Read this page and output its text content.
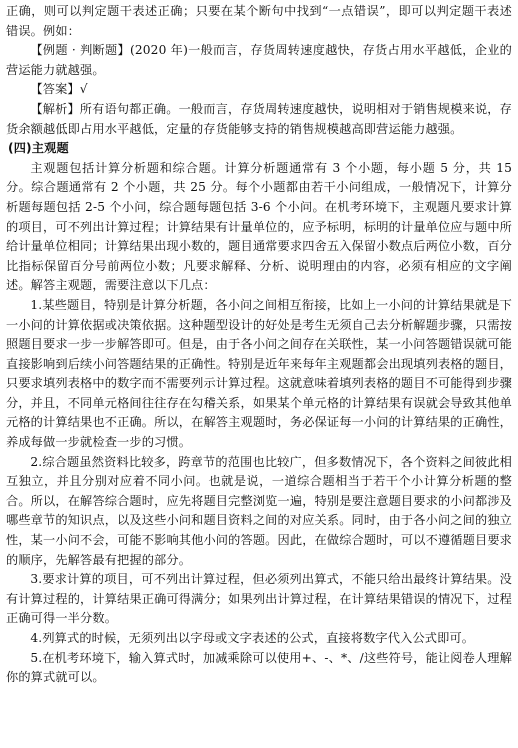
正确，则可以判定题干表述正确；只要在某个断句中找到“一点错误”，即可以判定题干表述错误。例如：

【例题 · 判断题】(2020 年)一般而言，存货周转速度越快，存货占用水平越低，企业的营运能力就越强。

【答案】√

【解析】所有语句都正确。一般而言，存货周转速度越快，说明相对于销售规模来说，存货余额越低即占用水平越低，定量的存货能够支持的销售规模越高即营运能力越强。

(四)主观题

主观题包括计算分析题和综合题。计算分析题通常有 3 个小题，每小题 5 分，共 15 分。综合题通常有 2 个小题，共 25 分。每个小题都由若干小问组成，一般情况下，计算分析题每题包括 2-5 个小问，综合题每题包括 3-6 个小问。在机考环境下，主观题凡要求计算的项目，可不列出计算过程；计算结果有计量单位的，应予标明，标明的计量单位应与题中所给计量单位相同；计算结果出现小数的，题目通常要求四舍五入保留小数点后两位小数，百分比指标保留百分号前两位小数；凡要求解释、分析、说明理由的内容，必须有相应的文字阐述。解答主观题，需要注意以下几点：

1.某些题目，特别是计算分析题，各小问之间相互衔接，比如上一小问的计算结果就是下一小问的计算依据或决策依据。这种题型设计的好处是考生无须自己去分析解题步骤，只需按照题目要求一步一步解答即可。但是，由于各小问之间存在关联性，某一小问答题错误就可能直接影响到后续小问答题结果的正确性。特别是近年来每年主观题都会出现填列表格的题目，只要求填列表格中的数字而不需要列示计算过程。这就意味着填列表格的题目不可能得到步骤分，并且，不同单元格间往往存在勾稽关系，如果某个单元格的计算结果有误就会导致其他单元格的计算结果也不正确。所以，在解答主观题时，务必保证每一小问的计算结果的正确性，养成每做一步就检查一步的习惯。

2.综合题虽然资料比较多，跨章节的范围也比较广，但多数情况下，各个资料之间彼此相互独立，并且分别对应着不同小问。也就是说，一道综合题相当于若干个小计算分析题的整合。所以，在解答综合题时，应先将题目完整浏览一遍，特别是要注意题目要求的小问都涉及哪些章节的知识点，以及这些小问和题目资料之间的对应关系。同时，由于各小问之间的独立性，某一小问不会，可能不影响其他小问的答题。因此，在做综合题时，可以不遵循题目要求的顺序，先解答最有把握的部分。

3.要求计算的项目，可不列出计算过程，但必须列出算式，不能只给出最终计算结果。没有计算过程的，计算结果正确可得满分；如果列出计算过程，在计算结果错误的情况下，过程正确可得一半分数。

4.列算式的时候，无须列出以字母或文字表述的公式，直接将数字代入公式即可。

5.在机考环境下，输入算式时，加减乘除可以使用+、-、*、/这些符号，能让阅卷人理解你的算式就可以。
